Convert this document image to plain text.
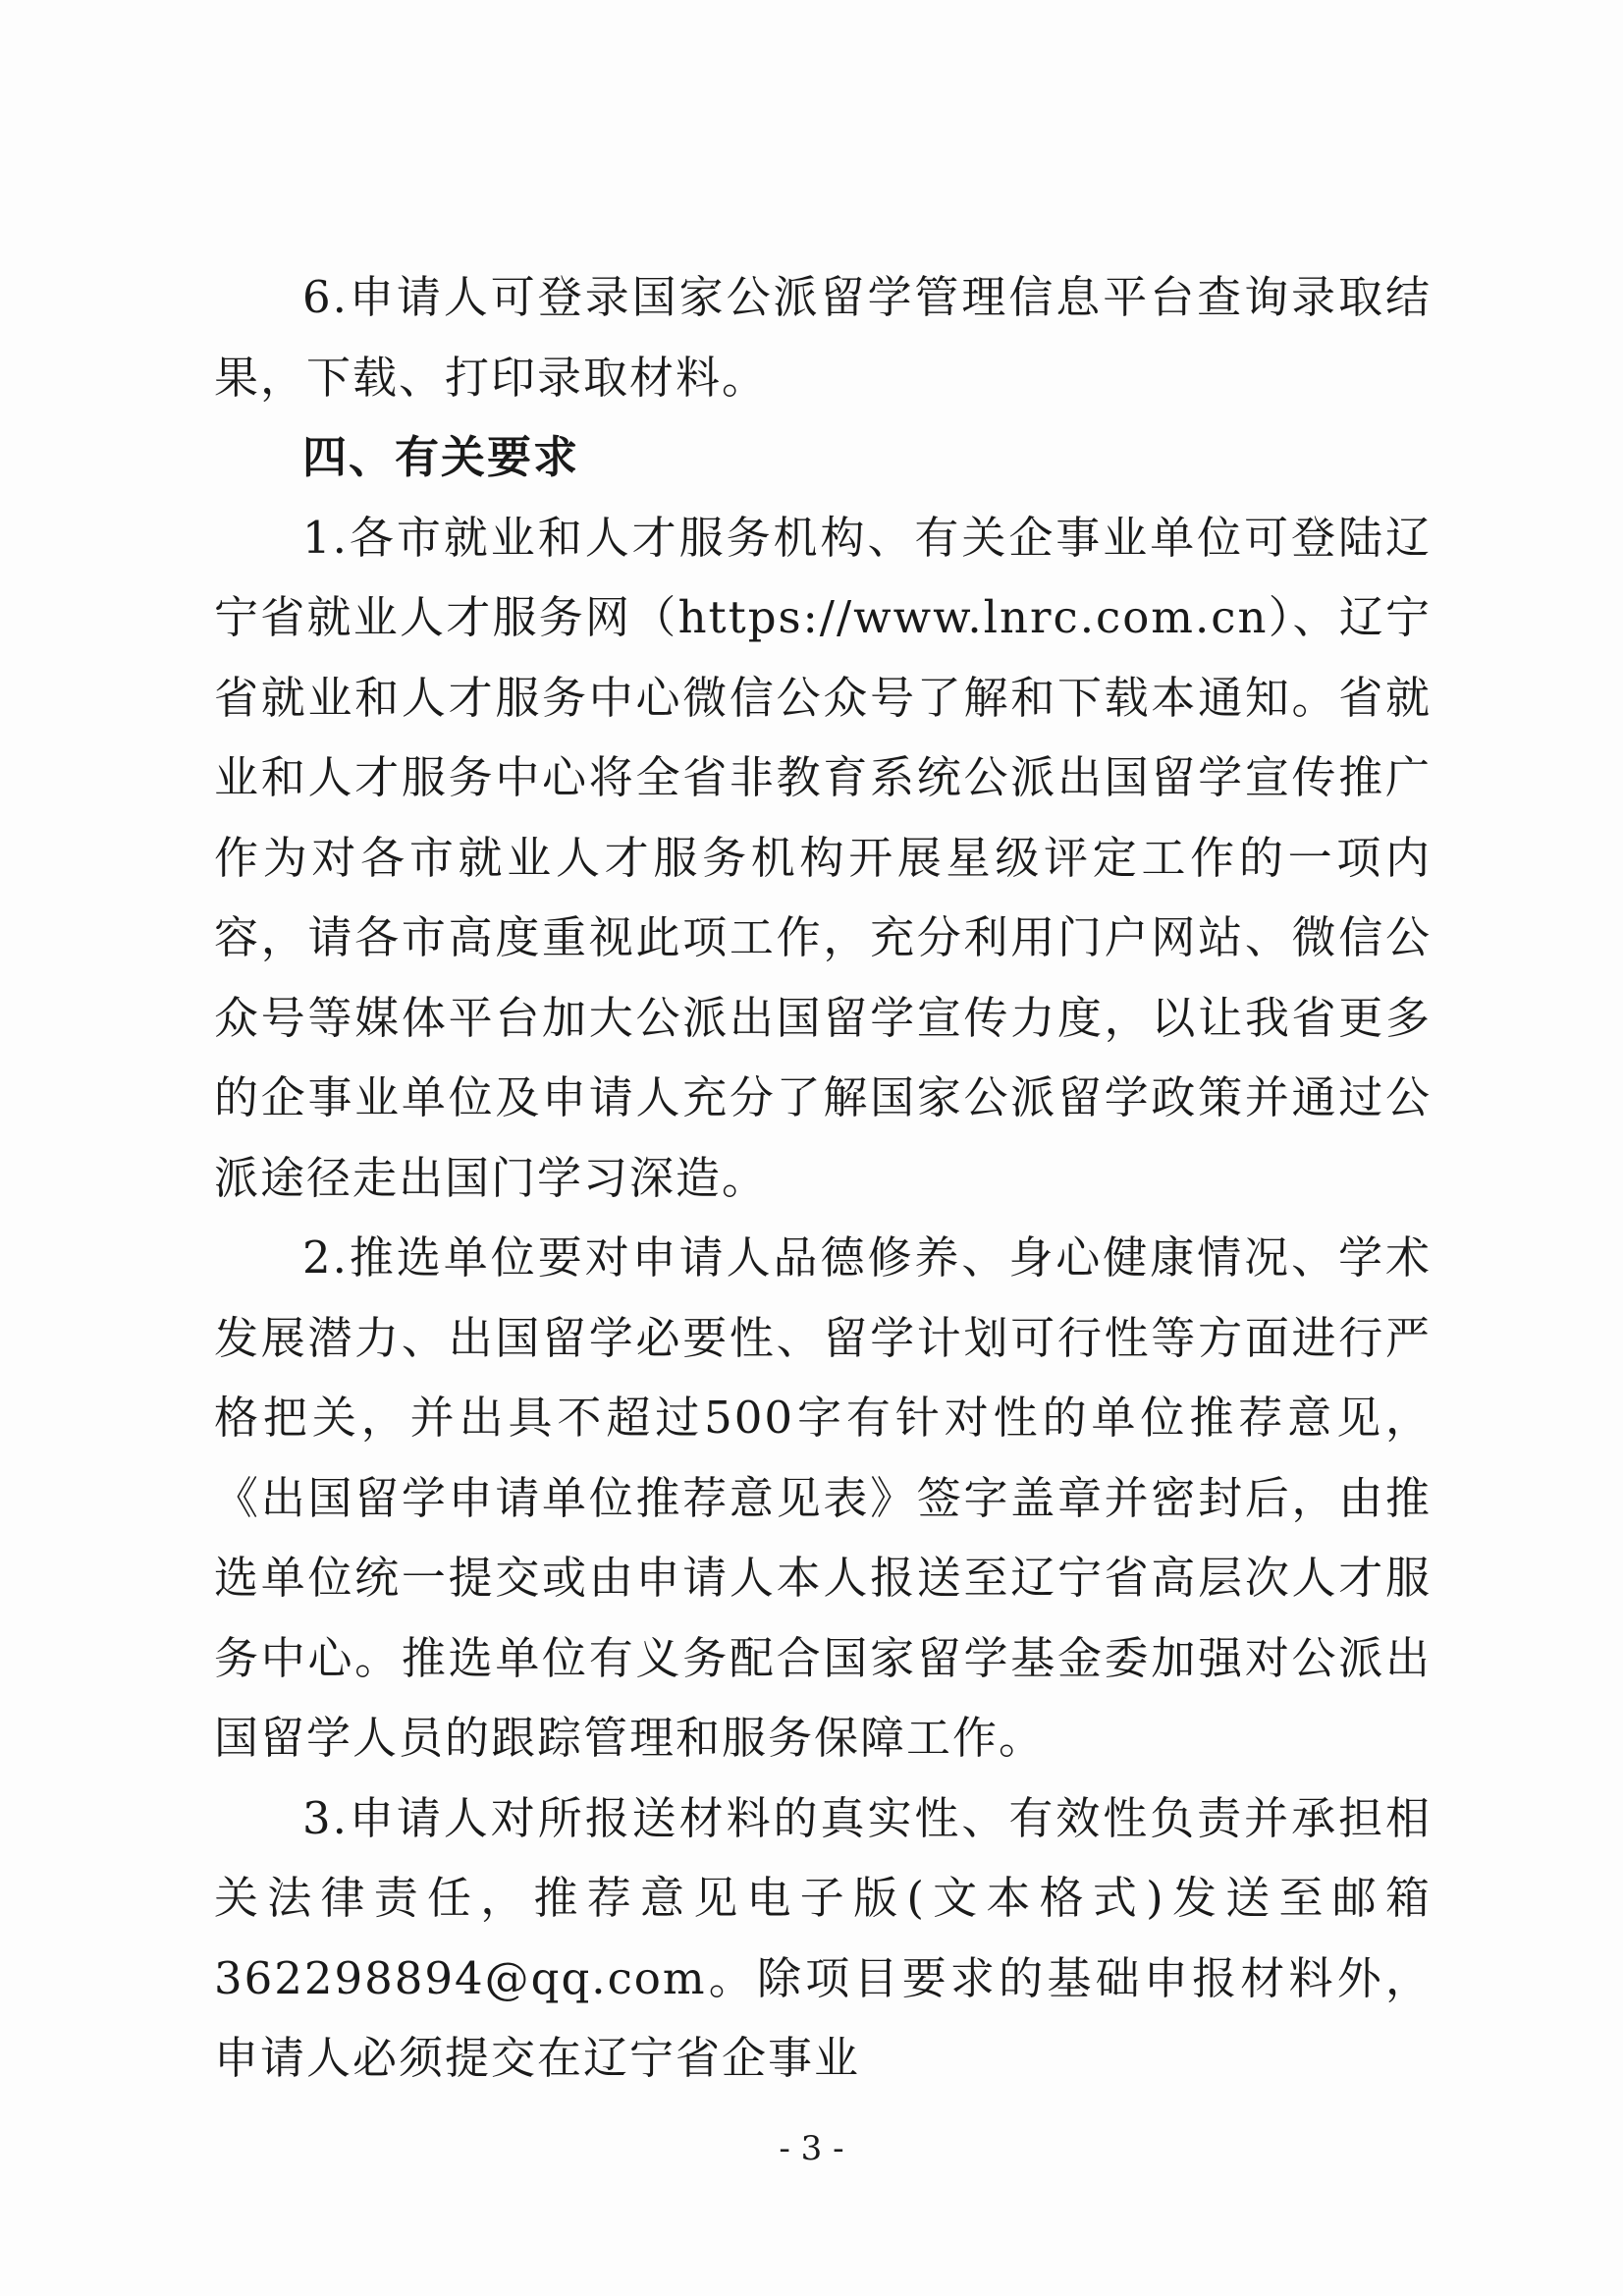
6.申请人可登录国家公派留学管理信息平台查询录取结果，下载、打印录取材料。

四、有关要求

1.各市就业和人才服务机构、有关企事业单位可登陆辽宁省就业人才服务网（https://www.lnrc.com.cn）、辽宁省就业和人才服务中心微信公众号了解和下载本通知。省就业和人才服务中心将全省非教育系统公派出国留学宣传推广作为对各市就业人才服务机构开展星级评定工作的一项内容，请各市高度重视此项工作，充分利用门户网站、微信公众号等媒体平台加大公派出国留学宣传力度，以让我省更多的企事业单位及申请人充分了解国家公派留学政策并通过公派途径走出国门学习深造。

2.推选单位要对申请人品德修养、身心健康情况、学术发展潜力、出国留学必要性、留学计划可行性等方面进行严格把关，并出具不超过500字有针对性的单位推荐意见，《出国留学申请单位推荐意见表》签字盖章并密封后，由推选单位统一提交或由申请人本人报送至辽宁省高层次人才服务中心。推选单位有义务配合国家留学基金委加强对公派出国留学人员的跟踪管理和服务保障工作。

3.申请人对所报送材料的真实性、有效性负责并承担相关法律责任，推荐意见电子版(文本格式)发送至邮箱 362298894@qq.com。除项目要求的基础申报材料外，申请人必须提交在辽宁省企事业

- 3 -
